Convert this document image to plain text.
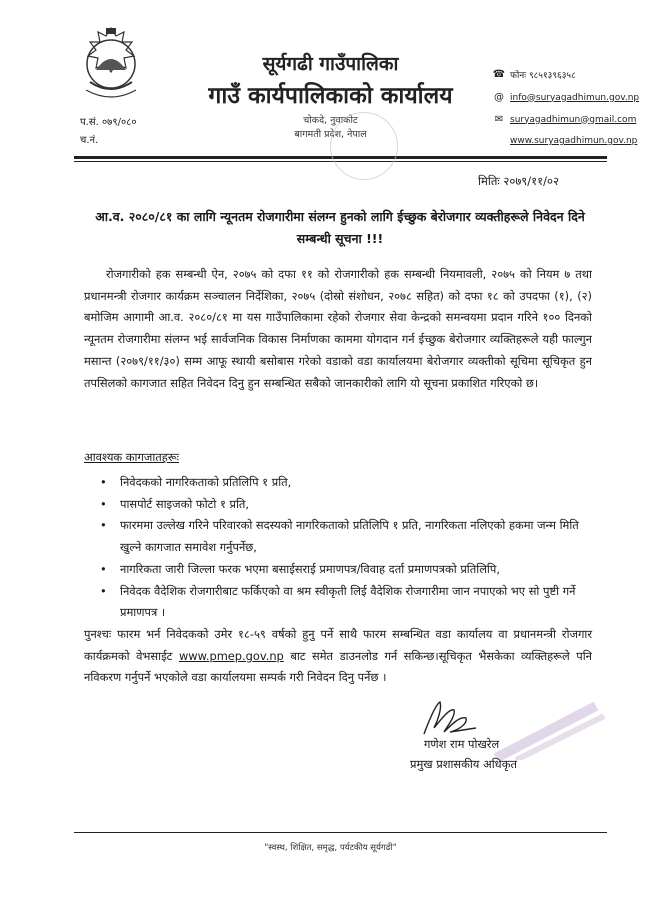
सूर्यगढी गाउँपालिका
गाउँ कार्यपालिकाको कार्यालय
चोकदे, नुवाकोट
बागमती प्रदेश, नेपाल
प.सं. ०७९/०८०
च.नं.
☎ फोनः ९८५१३९६३५८
@ info@suryagadhimun.gov.np
✉ suryagadhimun@gmail.com
www.suryagadhimun.gov.np
मितिः २०७९/११/०२
आ.व. २०८०/८१ का लागि न्यूनतम रोजगारीमा संलग्न हुनको लागि ईच्छुक बेरोजगार व्यक्तीहरूले निवेदन दिने सम्बन्धी सूचना !!!
रोजगारीको हक सम्बन्धी ऐन, २०७५ को दफा ११ को रोजगारीको हक सम्बन्धी नियमावली, २०७५ को नियम ७ तथा प्रधानमन्त्री रोजगार कार्यक्रम सञ्चालन निर्देशिका, २०७५ (दोस्रो संशोधन, २०७८ सहित) को दफा १८ को उपदफा (१), (२) बमोजिम आगामी आ.व. २०८०/८१ मा यस गाउँपालिकामा रहेको रोजगार सेवा केन्द्रको समन्वयमा प्रदान गरिने १०० दिनको न्यूनतम रोजगारीमा संलग्न भई सार्वजनिक विकास निर्माणका काममा योगदान गर्न ईच्छुक बेरोजगार व्यक्तिहरूले यही फाल्गुन मसान्त (२०७९/११/३०) सम्म आफू स्थायी बसोबास गरेको वडाको वडा कार्यालयमा बेरोजगार व्यक्तीको सूचिमा सूचिकृत हुन तपसिलको कागजात सहित निवेदन दिनु हुन सम्बन्धित सबैको जानकारीको लागि यो सूचना प्रकाशित गरिएको छ।
आवश्यक कागजातहरूः
• निवेदकको नागरिकताको प्रतिलिपि १ प्रति,
• पासपोर्ट साइजको फोटो १ प्रति,
• फारममा उल्लेख गरिने परिवारको सदस्यको नागरिकताको प्रतिलिपि १ प्रति, नागरिकता नलिएको हकमा जन्म मिति खुल्ने कागजात समावेश गर्नुपर्नेछ,
• नागरिकता जारी जिल्ला फरक भएमा बसाईसराई प्रमाणपत्र/विवाह दर्ता प्रमाणपत्रको प्रतिलिपि,
• निवेदक वैदेशिक रोजगारीबाट फर्किएको वा श्रम स्वीकृती लिई वैदेशिक रोजगारीमा जान नपाएको भए सो पुष्टी गर्ने प्रमाणपत्र ।
पुनश्चः फारम भर्न निवेदकको उमेर १८-५९ वर्षको हुनु पर्ने साथै फारम सम्बन्धित वडा कार्यालय वा प्रधानमन्त्री रोजगार कार्यक्रमको वेभसाईट www.pmep.gov.np बाट समेत डाउनलोड गर्न सकिन्छ।सूचिकृत भैसकेका व्यक्तिहरूले पनि नविकरण गर्नुपर्ने भएकोले वडा कार्यालयमा सम्पर्क गरी निवेदन दिनु पर्नेछ ।
गणेश राम पोखरेल
प्रमुख प्रशासकीय अधिकृत
"स्वस्थ, शिक्षित, समृद्ध, पर्यटकीय सूर्यगढी"
